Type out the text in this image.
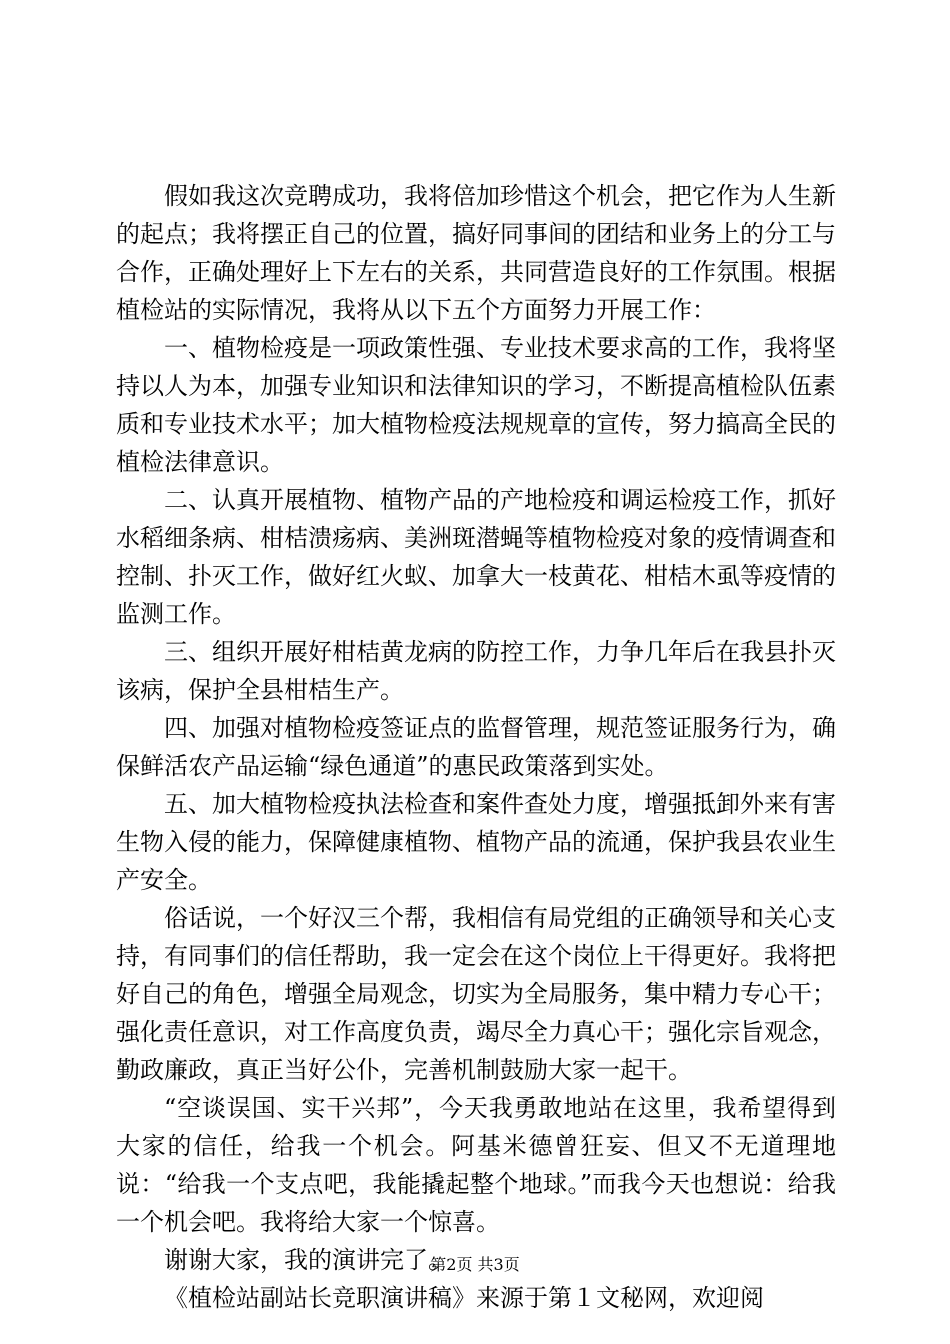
假如我这次竞聘成功，我将倍加珍惜这个机会，把它作为人生新的起点；我将摆正自己的位置，搞好同事间的团结和业务上的分工与合作，正确处理好上下左右的关系，共同营造良好的工作氛围。根据植检站的实际情况，我将从以下五个方面努力开展工作：

一、植物检疫是一项政策性强、专业技术要求高的工作，我将坚持以人为本，加强专业知识和法律知识的学习，不断提高植检队伍素质和专业技术水平；加大植物检疫法规规章的宣传，努力搞高全民的植检法律意识。

二、认真开展植物、植物产品的产地检疫和调运检疫工作，抓好水稻细条病、柑桔溃疡病、美洲斑潜蝇等植物检疫对象的疫情调查和控制、扑灭工作，做好红火蚁、加拿大一枝黄花、柑桔木虱等疫情的监测工作。

三、组织开展好柑桔黄龙病的防控工作，力争几年后在我县扑灭该病，保护全县柑桔生产。

四、加强对植物检疫签证点的监督管理，规范签证服务行为，确保鲜活农产品运输“绿色通道”的惠民政策落到实处。

五、加大植物检疫执法检查和案件查处力度，增强抵卸外来有害生物入侵的能力，保障健康植物、植物产品的流通，保护我县农业生产安全。

俗话说，一个好汉三个帮，我相信有局党组的正确领导和关心支持，有同事们的信任帮助，我一定会在这个岗位上干得更好。我将把好自己的角色，增强全局观念，切实为全局服务，集中精力专心干；强化责任意识，对工作高度负责，竭尽全力真心干；强化宗旨观念，勤政廉政，真正当好公仆，完善机制鼓励大家一起干。

“空谈误国、实干兴邦”，今天我勇敢地站在这里，我希望得到大家的信任，给我一个机会。阿基米德曾狂妄、但又不无道理地说：“给我一个支点吧，我能撬起整个地球。”而我今天也想说：给我一个机会吧。我将给大家一个惊喜。

谢谢大家，我的演讲完了。

《植检站副站长竞职演讲稿》来源于第１文秘网，欢迎阅

第2页 共3页
